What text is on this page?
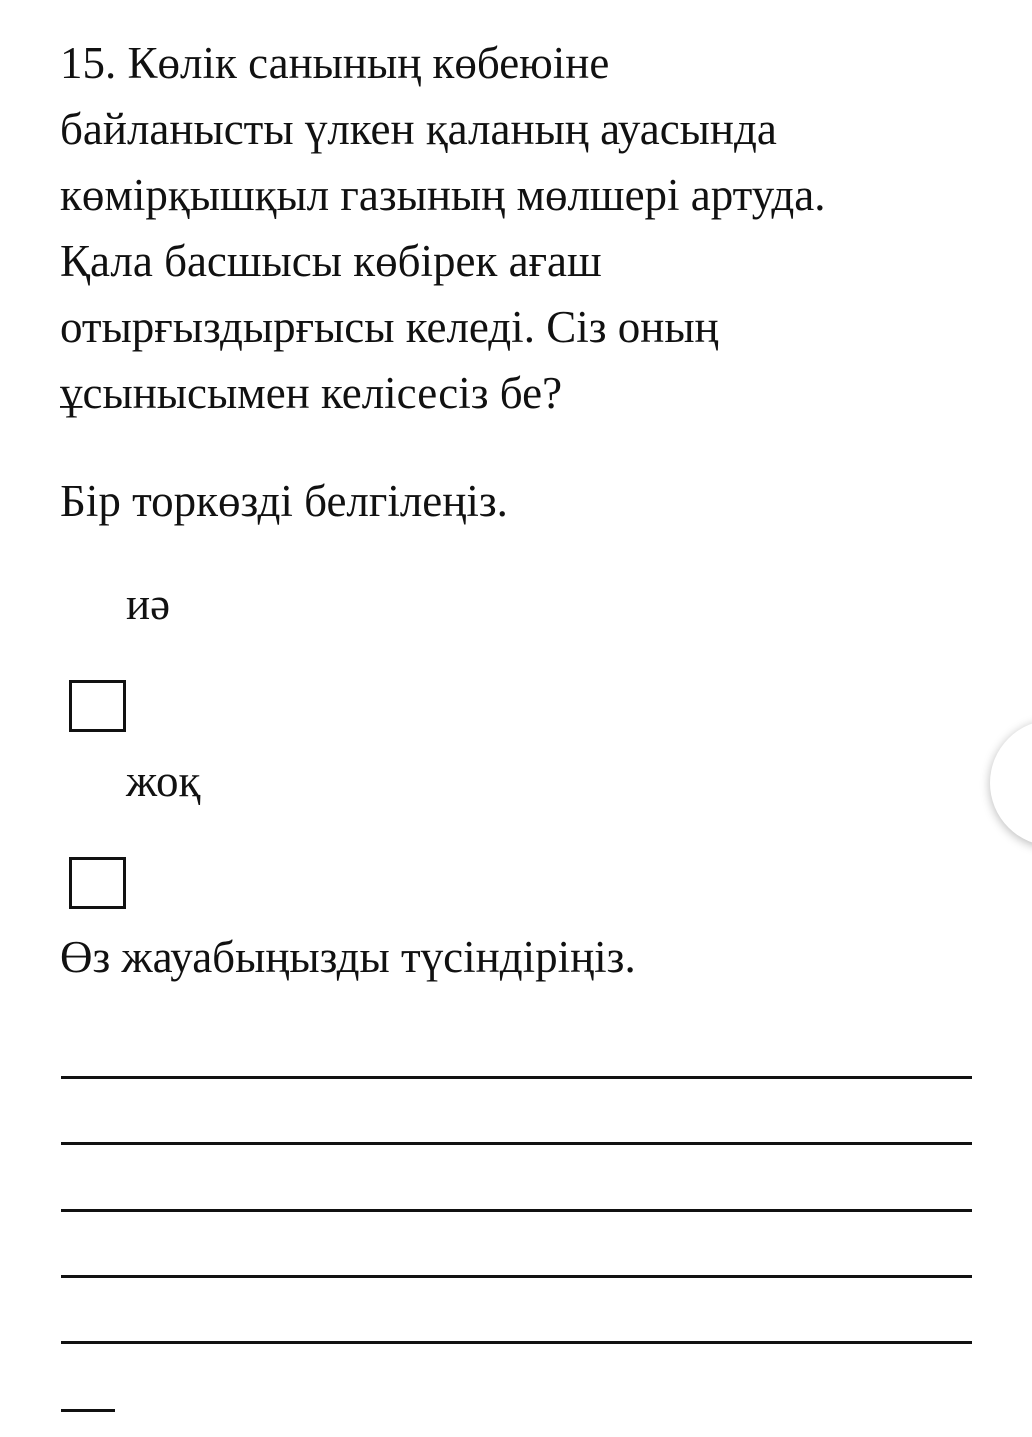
15. Көлік санының көбеюіне
байланысты үлкен қаланың ауасында
көмірқышқыл газының мөлшері артуда.
Қала басшысы көбірек ағаш
отырғыздырғысы келеді. Сіз оның
ұсынысымен келісесіз бе?

Бір торкөзді белгілеңіз.

иә
жоқ

Өз жауабыңызды түсіндіріңіз.
